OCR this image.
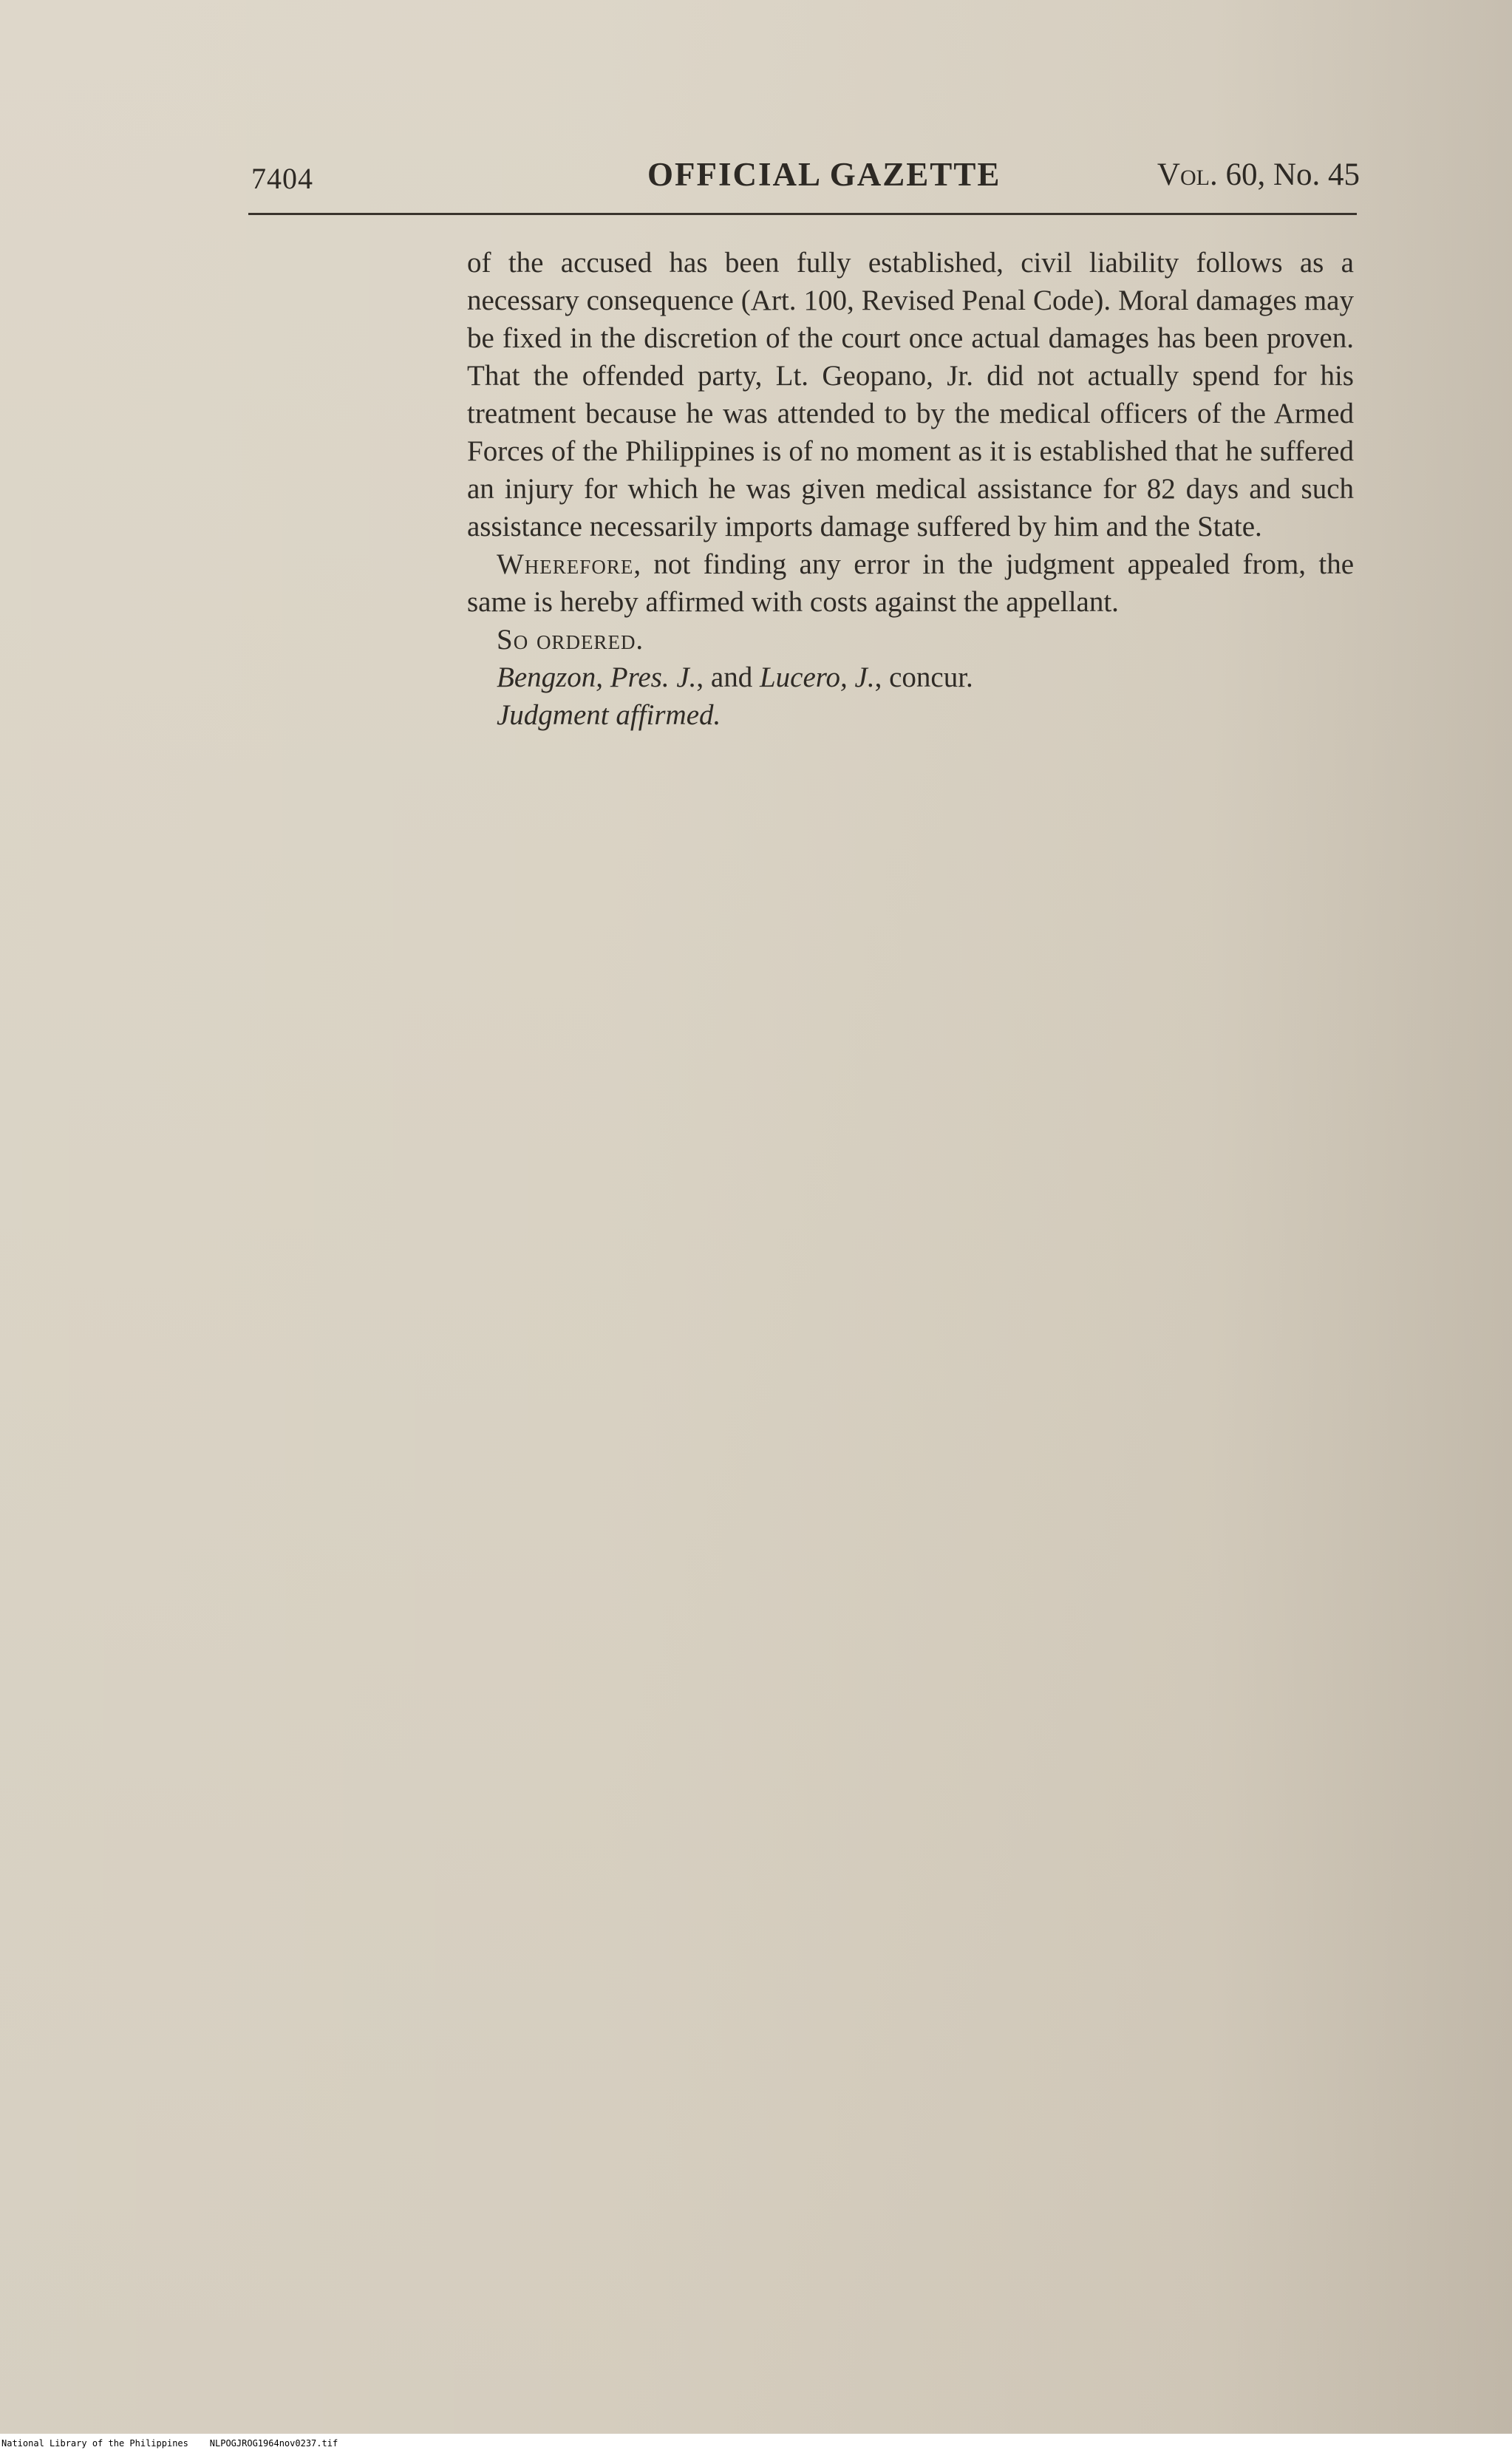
7404	OFFICIAL GAZETTE	Vol. 60, No. 45

of the accused has been fully established, civil liability follows as a necessary consequence (Art. 100, Revised Penal Code). Moral damages may be fixed in the discretion of the court once actual damages has been proven. That the offended party, Lt. Geopano, Jr. did not actually spend for his treatment because he was attended to by the medical officers of the Armed Forces of the Philippines is of no moment as it is established that he suffered an injury for which he was given medical assistance for 82 days and such assistance necessarily imports damage suffered by him and the State.

Wherefore, not finding any error in the judgment appealed from, the same is hereby affirmed with costs against the appellant.

So ordered.

Bengzon, Pres. J., and Lucero, J., concur.

Judgment affirmed.

National Library of the Philippines NLPOGJROG1964nov0237.tif
